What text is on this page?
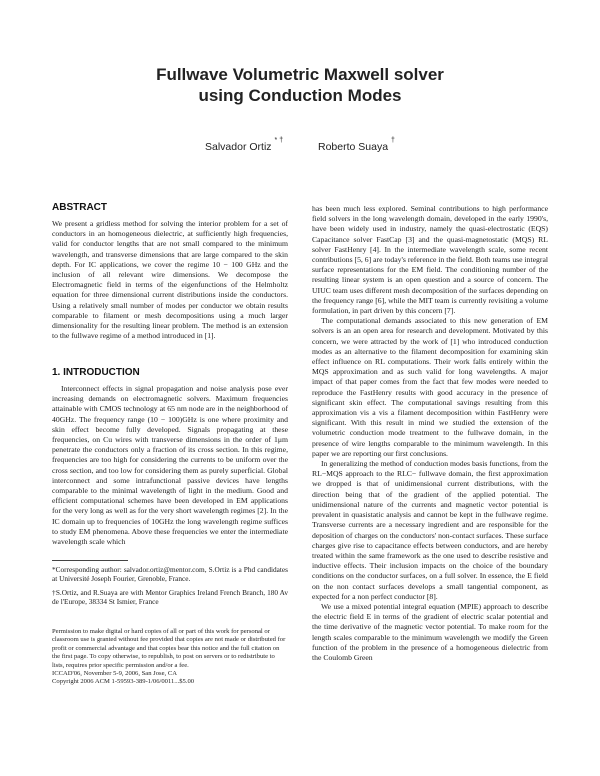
Fullwave Volumetric Maxwell solver
using Conduction Modes
Salvador Ortiz* †
Roberto Suaya†
ABSTRACT

We present a gridless method for solving the interior problem for a set of conductors in an homogeneous dielectric, at sufficiently high frequencies, valid for conductor lengths that are not small compared to the minimum wavelength, and transverse dimensions that are large compared to the skin depth. For IC applications, we cover the regime 10 − 100 GHz and the inclusion of all relevant wire dimensions. We decompose the Electromagnetic field in terms of the eigenfunctions of the Helmholtz equation for three dimensional current distributions inside the conductors. Using a relatively small number of modes per conductor we obtain results comparable to filament or mesh decompositions using a much larger dimensionality for the resulting linear problem. The method is an extension to the fullwave regime of a method introduced in [1].

1. INTRODUCTION

Interconnect effects in signal propagation and noise analysis pose ever increasing demands on electromagnetic solvers. Maximum frequencies attainable with CMOS technology at 65 nm node are in the neighborhood of 40GHz. The frequency range (10 − 100)GHz is one where proximity and skin effect become fully developed. Signals propagating at these frequencies, on Cu wires with transverse dimensions in the order of 1μm penetrate the conductors only a fraction of its cross section. In this regime, frequencies are too high for considering the currents to be uniform over the cross section, and too low for considering them as purely superficial. Global interconnect and some intrafunctional passive devices have lengths comparable to the minimal wavelength of light in the medium. Good and efficient computational schemes have been developed in EM applications for the very long as well as for the very short wavelength regimes [2]. In the IC domain up to frequencies of 10GHz the long wavelength regime suffices to study EM phenomena. Above these frequencies we enter the intermediate wavelength scale which

*Corresponding author: salvador.ortiz@mentor.com, S.Ortiz is a Phd candidates at Université Joseph Fourier, Grenoble, France.

†S.Ortiz, and R.Suaya are with Mentor Graphics Ireland French Branch, 180 Av de l'Europe, 38334 St Ismier, France

Permission to make digital or hard copies of all or part of this work for personal or classroom use is granted without fee provided that copies are not made or distributed for profit or commercial advantage and that copies bear this notice and the full citation on the first page. To copy otherwise, to republish, to post on servers or to redistribute to lists, requires prior specific permission and/or a fee.

ICCAD'06, November 5-9, 2006, San Jose, CA

Copyright 2006 ACM 1-59593-389-1/06/0011...$5.00

has been much less explored. Seminal contributions to high performance field solvers in the long wavelength domain, developed in the early 1990's, have been widely used in industry, namely the quasi-electrostatic (EQS) Capacitance solver FastCap [3] and the quasi-magnetostatic (MQS) RL solver FastHenry [4]. In the intermediate wavelength scale, some recent contributions [5, 6] are today's reference in the field. Both teams use integral surface representations for the EM field. The conditioning number of the resulting linear system is an open question and a source of concern. The UIUC team uses different mesh decomposition of the surfaces depending on the frequency range [6], while the MIT team is currently revisiting a volume formulation, in part driven by this concern [7].

The computational demands associated to this new generation of EM solvers is an an open area for research and development. Motivated by this concern, we were attracted by the work of [1] who introduced conduction modes as an alternative to the filament decomposition for examining skin effect influence on RL computations. Their work falls entirely within the MQS approximation and as such valid for long wavelengths. A major impact of that paper comes from the fact that few modes were needed to reproduce the FastHenry results with good accuracy in the presence of significant skin effect. The computational savings resulting from this approximation vis a vis a filament decomposition within FastHenry were significant. With this result in mind we studied the extension of the volumetric conduction mode treatment to the fullwave domain, in the presence of wire lengths comparable to the minimum wavelength. In this paper we are reporting our first conclusions.

In generalizing the method of conduction modes basis functions, from the RL−MQS approach to the RLC− fullwave domain, the first approximation we dropped is that of unidimensional current distributions, with the direction being that of the gradient of the applied potential. The unidimensional nature of the currents and magnetic vector potential is prevalent in quasistatic analysis and cannot be kept in the fullwave regime. Transverse currents are a necessary ingredient and are responsible for the deposition of charges on the conductors' non-contact surfaces. These surface charges give rise to capacitance effects between conductors, and are hereby treated within the same framework as the one used to describe resistive and inductive effects. Their inclusion impacts on the choice of the boundary conditions on the conductor surfaces, on a full solver. In essence, the E field on the non contact surfaces develops a small tangential component, as expected for a non perfect conductor [8].

We use a mixed potential integral equation (MPIE) approach to describe the electric field E in terms of the gradient of electric scalar potential and the time derivative of the magnetic vector potential. To make room for the length scales comparable to the minimum wavelength we modify the Green function of the problem in the presence of a homogeneous dielectric from the Coulomb Green
